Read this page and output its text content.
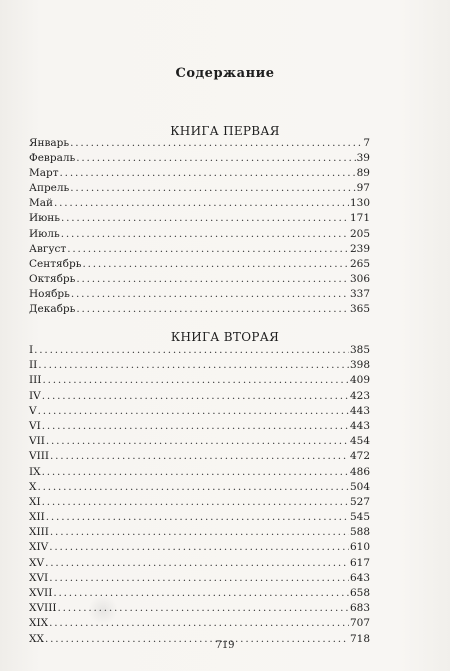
Содержание
КНИГА ПЕРВАЯ
Январь .....	7
Февраль .....	39
Март .....	89
Апрель .....	97
Май .....	130
Июнь .....	171
Июль .....	205
Август .....	239
Сентябрь .....	265
Октябрь .....	306
Ноябрь .....	337
Декабрь .....	365
КНИГА ВТОРАЯ
I .....	385
II .....	398
III .....	409
IV .....	423
V .....	443
VI .....	443
VII .....	454
VIII .....	472
IX .....	486
X .....	504
XI .....	527
XII .....	545
XIII .....	588
XIV .....	610
XV .....	617
XVI .....	643
XVII .....	658
XVIII .....	683
XIX .....	707
XX .....	718
719
